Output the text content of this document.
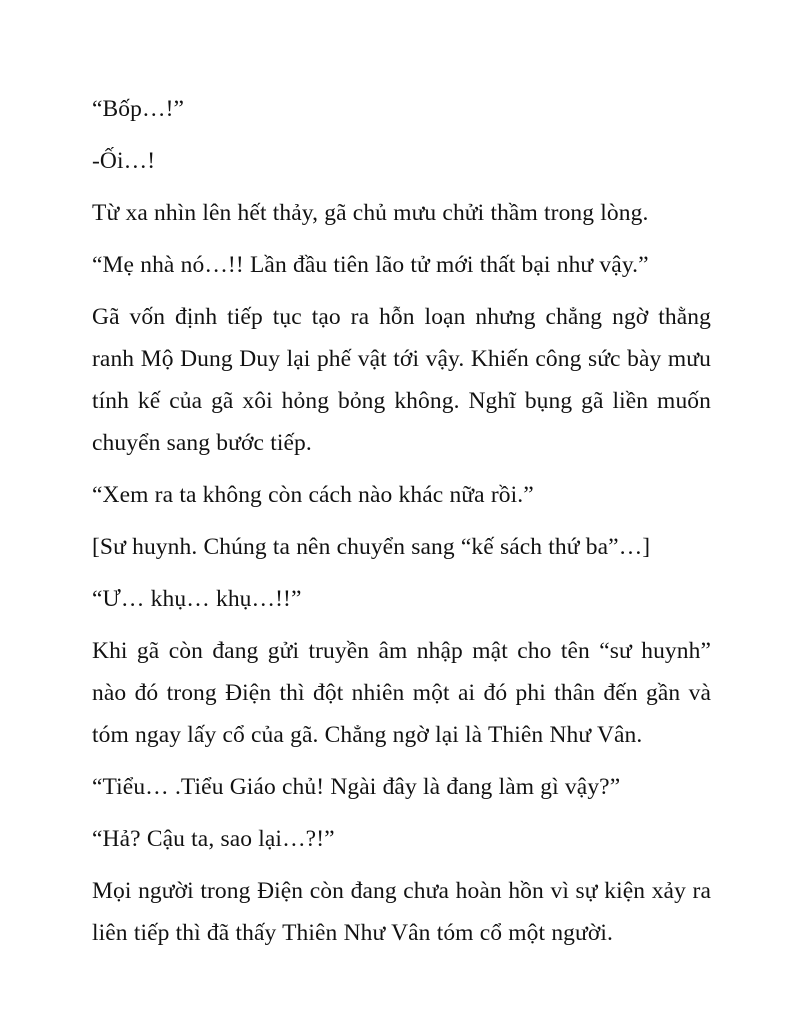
“Bốp…!”

-Ối…!

Từ xa nhìn lên hết thảy, gã chủ mưu chửi thầm trong lòng.

“Mẹ nhà nó…!! Lần đầu tiên lão tử mới thất bại như vậy.”

Gã vốn định tiếp tục tạo ra hỗn loạn nhưng chẳng ngờ thằng ranh Mộ Dung Duy lại phế vật tới vậy. Khiến công sức bày mưu tính kế của gã xôi hỏng bỏng không. Nghĩ bụng gã liền muốn chuyển sang bước tiếp.

“Xem ra ta không còn cách nào khác nữa rồi.”

[Sư huynh. Chúng ta nên chuyển sang “kế sách thứ ba”…]

“Ư… khụ… khụ…!!”

Khi gã còn đang gửi truyền âm nhập mật cho tên “sư huynh” nào đó trong Điện thì đột nhiên một ai đó phi thân đến gần và tóm ngay lấy cổ của gã. Chẳng ngờ lại là Thiên Như Vân.

“Tiểu… .Tiểu Giáo chủ! Ngài đây là đang làm gì vậy?”

“Hả? Cậu ta, sao lại…?!”

Mọi người trong Điện còn đang chưa hoàn hồn vì sự kiện xảy ra liên tiếp thì đã thấy Thiên Như Vân tóm cổ một người.
